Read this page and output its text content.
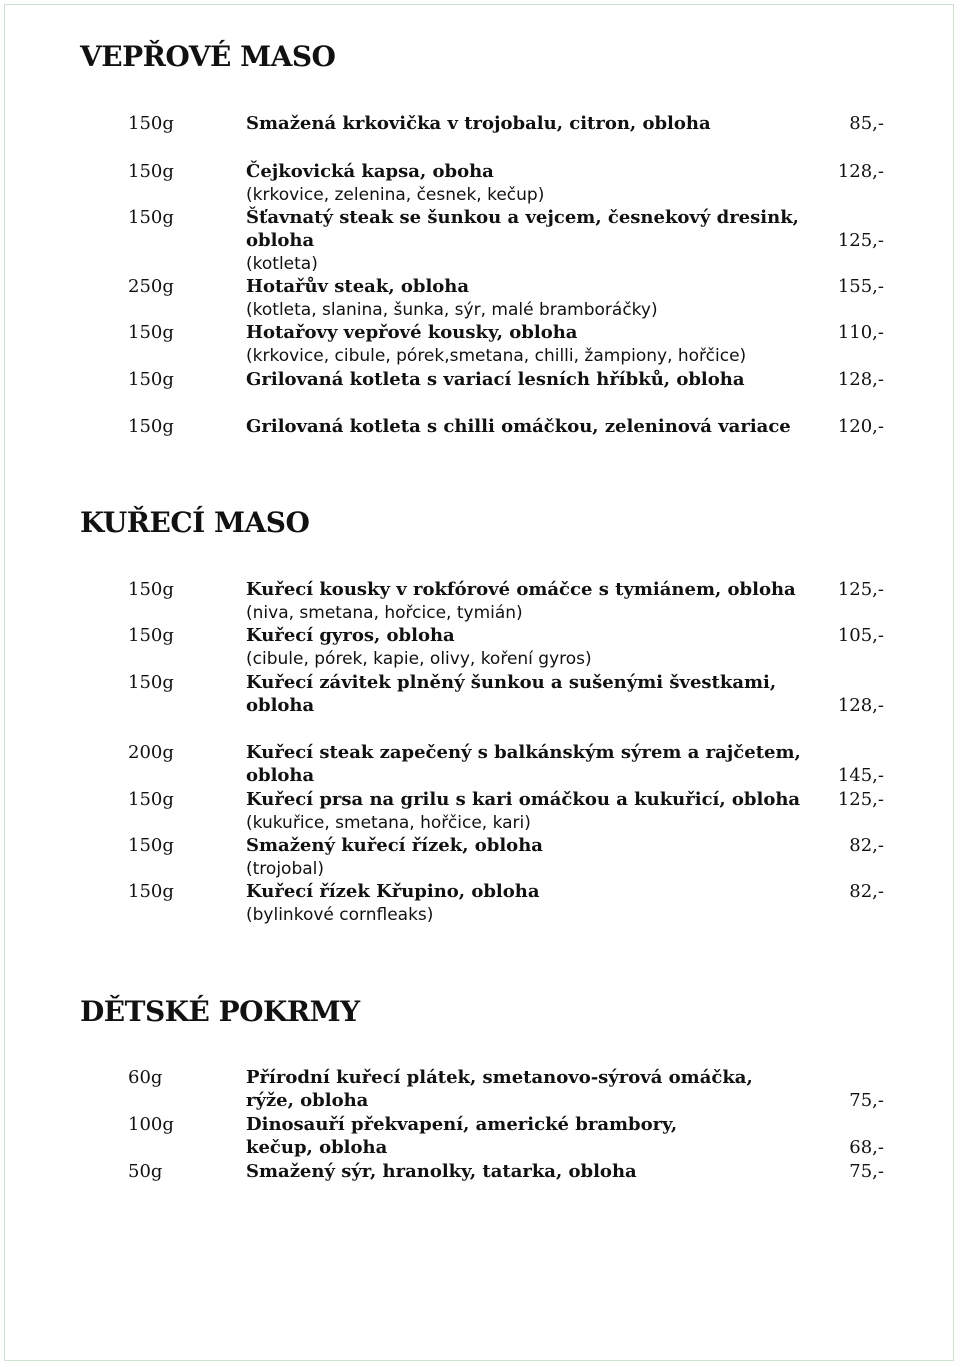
VEPŘOVÉ MASO
150g	Smažená krkovička v trojobalu, citron, obloha	85,-
150g	Čejkovická kapsa, oboha	128,-
(krkovice, zelenina, česnek, kečup)
150g	Šťavnatý steak se šunkou a vejcem, česnekový dresink,
obloha	125,-
(kotleta)
250g	Hotařův steak, obloha	155,-
(kotleta, slanina, šunka, sýr, malé bramboráčky)
150g	Hotařovy vepřové kousky, obloha	110,-
(krkovice, cibule, pórek,smetana, chilli, žampiony, hořčice)
150g	Grilovaná kotleta s variací lesních hříbků, obloha	128,-
150g	Grilovaná kotleta s chilli omáčkou, zeleninová variace	120,-
KUŘECÍ MASO
150g	Kuřecí kousky v rokfórové omáčce s tymiánem, obloha 125,-
(niva, smetana, hořcice, tymián)
150g	Kuřecí gyros, obloha	105,-
(cibule, pórek, kapie, olivy, koření gyros)
150g	Kuřecí závitek plněný šunkou a sušenými švestkami,
obloha	128,-
200g	Kuřecí steak zapečený s balkánským sýrem a rajčetem,
obloha	145,-
150g	Kuřecí prsa na grilu s kari omáčkou a kukuřicí, obloha 125,-
(kukuřice, smetana, hořčice, kari)
150g	Smažený kuřecí řízek, obloha	82,-
(trojobal)
150g	Kuřecí řízek Křupino, obloha	82,-
(bylinkové cornfleaks)
DĚTSKÉ POKRMY
60g	Přírodní kuřecí plátek, smetanovo-sýrová omáčka,
rýže, obloha	75,-
100g	Dinosauří překvapení, americké brambory,
kečup, obloha	68,-
50g	Smažený sýr, hranolky, tatarka, obloha	75,-
